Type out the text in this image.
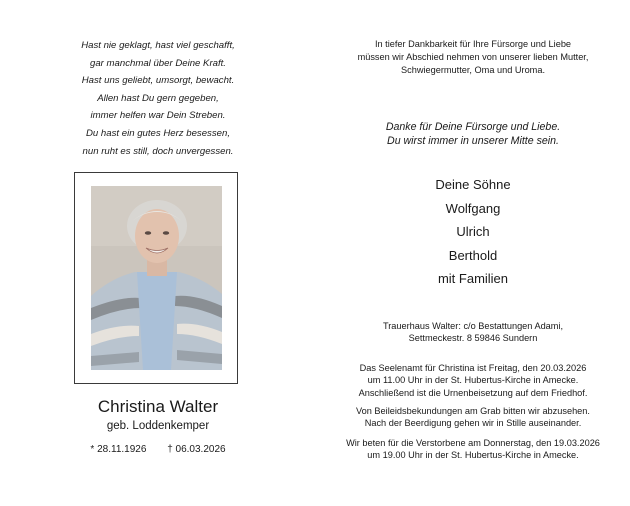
Hast nie geklagt, hast viel geschafft,
gar manchmal über Deine Kraft.
Hast uns geliebt, umsorgt, bewacht.
Allen hast Du gern gegeben,
immer helfen war Dein Streben.
Du hast ein gutes Herz besessen,
nun ruht es still, doch unvergessen.
Christina Walter
geb. Loddenkemper
* 28.11.1926 † 06.03.2026
In tiefer Dankbarkeit für Ihre Fürsorge und Liebe
müssen wir Abschied nehmen von unserer lieben Mutter,
Schwiegermutter, Oma und Uroma.
Danke für Deine Fürsorge und Liebe.
Du wirst immer in unserer Mitte sein.
Deine Söhne
Wolfgang
Ulrich
Berthold
mit Familien
Trauerhaus Walter: c/o Bestattungen Adami,
Settmeckestr. 8 59846 Sundern
Das Seelenamt für Christina ist Freitag, den 20.03.2026
um 11.00 Uhr in der St. Hubertus-Kirche in Amecke.
Anschließend ist die Urnenbeisetzung auf dem Friedhof.
Von Beileidsbekundungen am Grab bitten wir abzusehen.
Nach der Beerdigung gehen wir in Stille auseinander.
Wir beten für die Verstorbene am Donnerstag, den 19.03.2026
um 19.00 Uhr in der St. Hubertus-Kirche in Amecke.
